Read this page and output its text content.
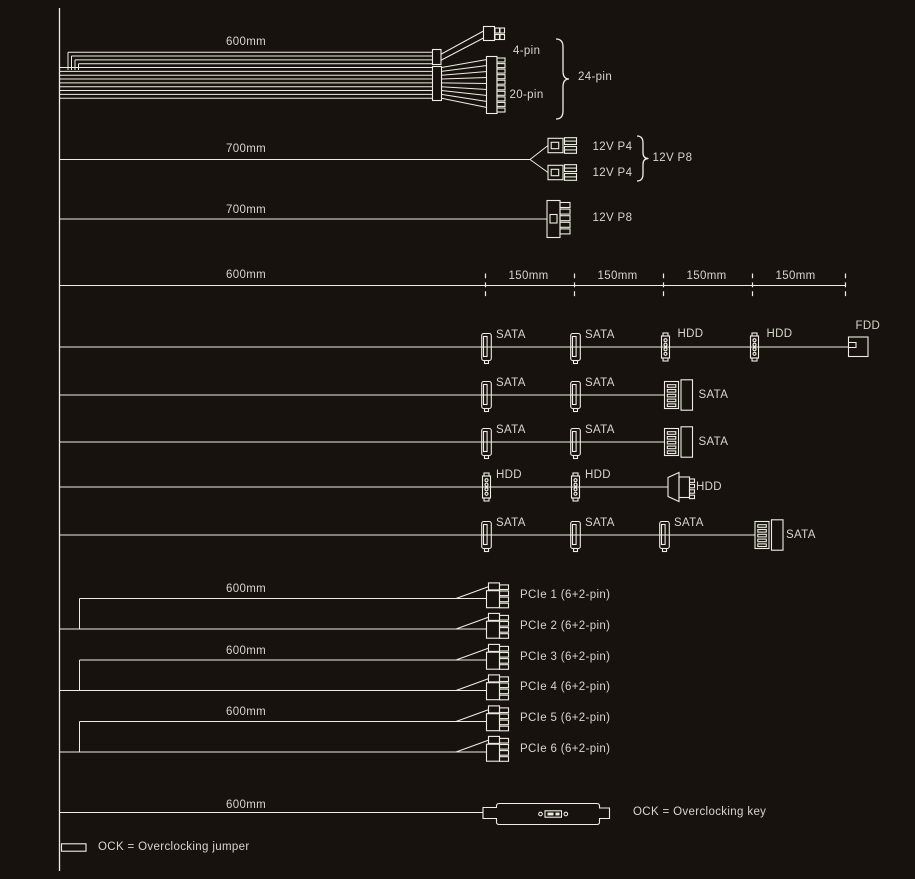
600mm
4-pin
24-pin
20-pin
700mm	12V P4
12V P4
12V P8
700mm
12V P8
600mm	150mm	150mm	150mm	150mm
SATA	SATA	HDD	HDD
FDD
SATA	SATA
SATA
SATA	SATA
SATA
HDD	HDD
HDD
SATA	SATA	SATA
SATA
600mm
600mm
600mm
PCIe 1 (6+2-pin)
PCIe 2 (6+2-pin)
PCIe 3 (6+2-pin)
PCIe 4 (6+2-pin)
PCIe 5 (6+2-pin)
PCIe 6 (6+2-pin)
600mm
OCK = Overclocking key
OCK = Overclocking jumper
